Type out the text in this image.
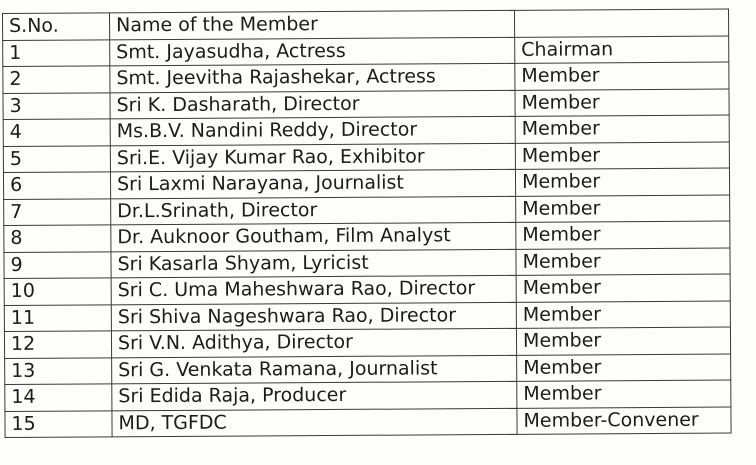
S.No.	Name of the Member	
1	Smt. Jayasudha, Actress	Chairman
2	Smt. Jeevitha Rajashekar, Actress	Member
3	Sri K. Dasharath, Director	Member
4	Ms.B.V. Nandini Reddy, Director	Member
5	Sri.E. Vijay Kumar Rao, Exhibitor	Member
6	Sri Laxmi Narayana, Journalist	Member
7	Dr.L.Srinath, Director	Member
8	Dr. Auknoor Goutham, Film Analyst	Member
9	Sri Kasarla Shyam, Lyricist	Member
10	Sri C. Uma Maheshwara Rao, Director	Member
11	Sri Shiva Nageshwara Rao, Director	Member
12	Sri V.N. Adithya, Director	Member
13	Sri G. Venkata Ramana, Journalist	Member
14	Sri Edida Raja, Producer	Member
15	MD, TGFDC	Member-Convener
